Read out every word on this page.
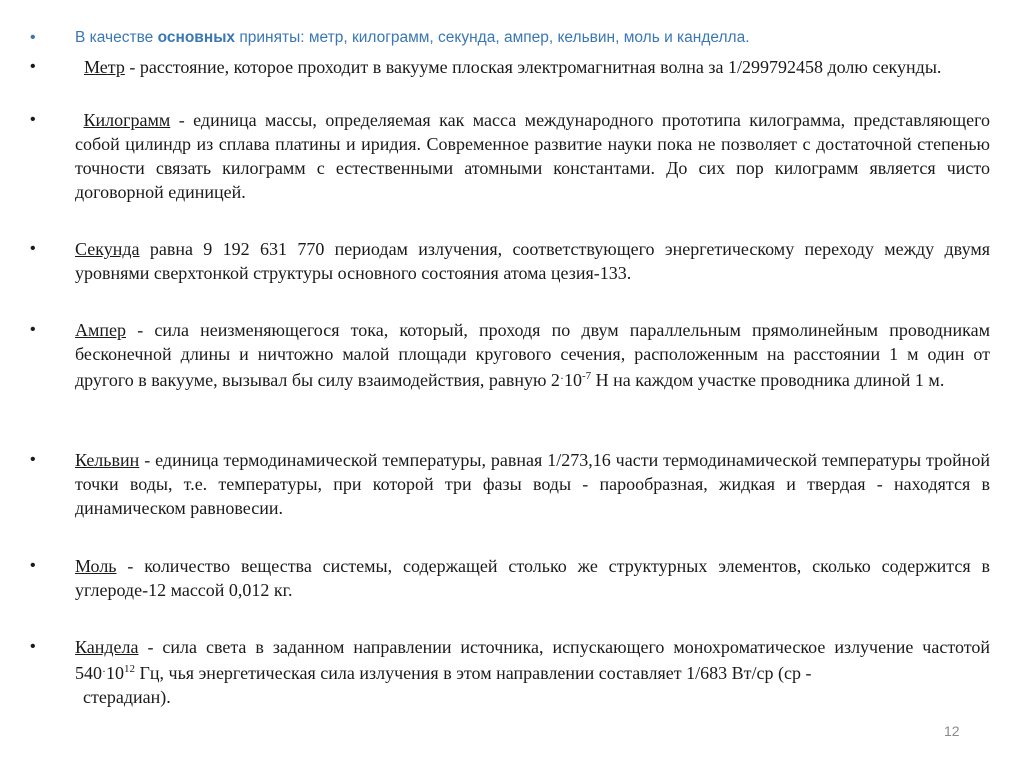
•	В качестве основных приняты: метр, килограмм, секунда, ампер, кельвин, моль и канделла.
•	Метр - расстояние, которое проходит в вакууме плоская электромагнитная волна за 1/299792458 долю секунды.
•	Килограмм - единица массы, определяемая как масса международного прототипа килограмма, представляющего собой цилиндр из сплава платины и иридия. Современное развитие науки пока не позволяет с достаточной степенью точности связать килограмм с естественными атомными константами. До сих пор килограмм является чисто договорной единицей.
• Секунда равна 9 192 631 770 периодам излучения, соответствующего энергетическому переходу между двумя уровнями сверхтонкой структуры основного состояния атома цезия-133.
• Ампер - сила неизменяющегося тока, который, проходя по двум параллельным прямолинейным проводникам бесконечной длины и ничтожно малой площади кругового сечения, расположенным на расстоянии 1 м один от другого в вакууме, вызывал бы силу взаимодействия, равную $2^\cdot 10^{-7}$ Н на каждом участке проводника длиной 1 м.
• Кельвин - единица термодинамической температуры, равная 1/273,16 части термодинамической температуры тройной точки воды, т.е. температуры, при которой три фазы воды - парообразная, жидкая и твердая - находятся в динамическом равновесии.
• Моль - количество вещества системы, содержащей столько же структурных элементов, сколько содержится в углероде-12 массой 0,012 кг.
• Кандела - сила света в заданном направлении источника, испускающего монохроматическое излучение частотой $540^\cdot 10^{12}$ Гц, чья энергетическая сила излучения в этом направлении составляет 1/683 Вт/ср (ср -
стерадиан).
12
